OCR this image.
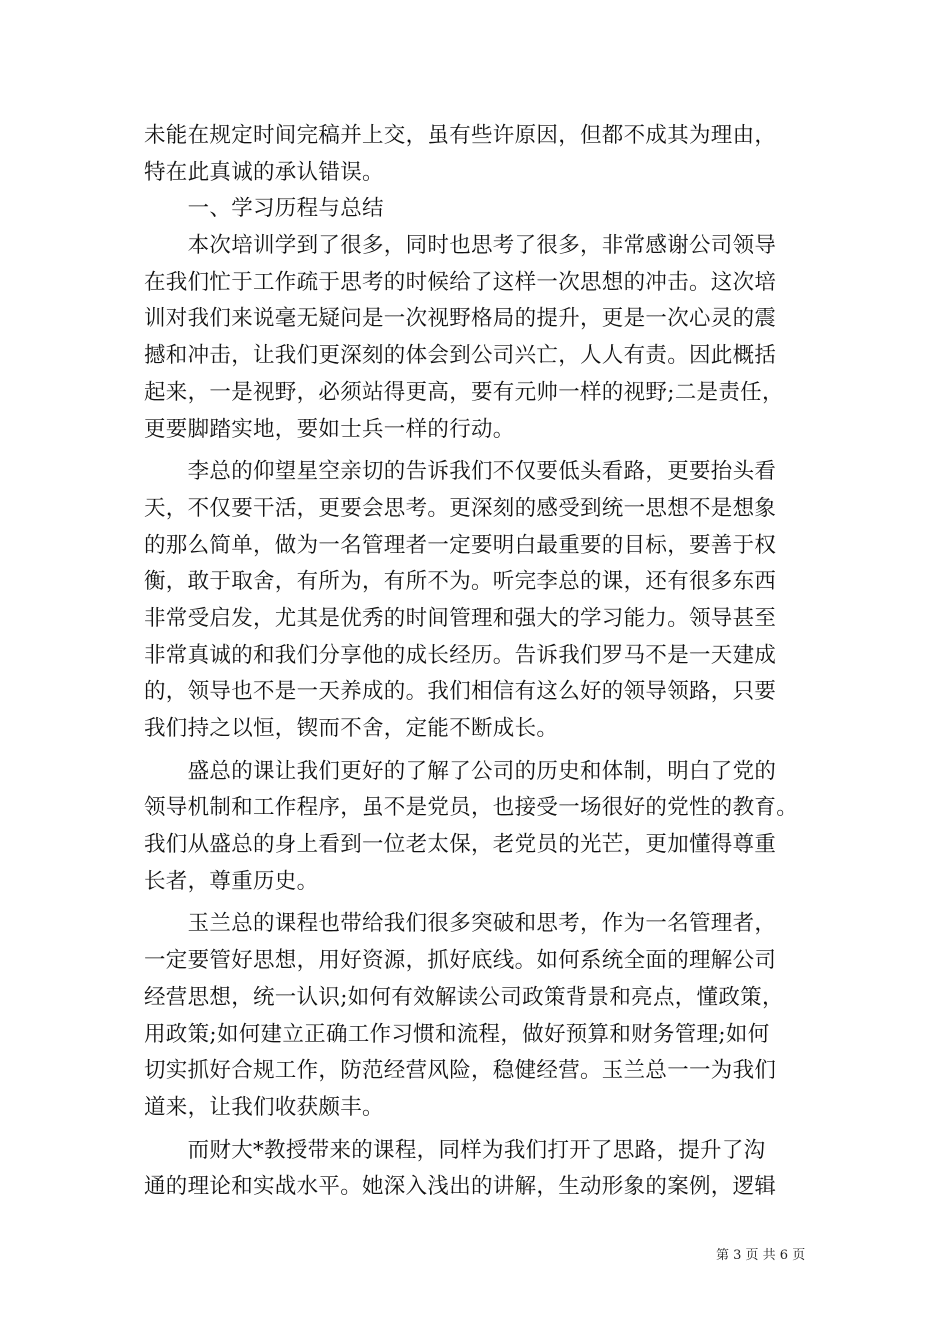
未能在规定时间完稿并上交，虽有些许原因，但都不成其为理由，
特在此真诚的承认错误。
　　一、学习历程与总结
　　本次培训学到了很多，同时也思考了很多，非常感谢公司领导
在我们忙于工作疏于思考的时候给了这样一次思想的冲击。这次培
训对我们来说毫无疑问是一次视野格局的提升，更是一次心灵的震
撼和冲击，让我们更深刻的体会到公司兴亡，人人有责。因此概括
起来，一是视野，必须站得更高，要有元帅一样的视野;二是责任，
更要脚踏实地，要如士兵一样的行动。
　　李总的仰望星空亲切的告诉我们不仅要低头看路，更要抬头看
天，不仅要干活，更要会思考。更深刻的感受到统一思想不是想象
的那么简单，做为一名管理者一定要明白最重要的目标，要善于权
衡，敢于取舍，有所为，有所不为。听完李总的课，还有很多东西
非常受启发，尤其是优秀的时间管理和强大的学习能力。领导甚至
非常真诚的和我们分享他的成长经历。告诉我们罗马不是一天建成
的，领导也不是一天养成的。我们相信有这么好的领导领路，只要
我们持之以恒，锲而不舍，定能不断成长。
　　盛总的课让我们更好的了解了公司的历史和体制，明白了党的
领导机制和工作程序，虽不是党员，也接受一场很好的党性的教育。
我们从盛总的身上看到一位老太保，老党员的光芒，更加懂得尊重
长者，尊重历史。
　　玉兰总的课程也带给我们很多突破和思考，作为一名管理者，
一定要管好思想，用好资源，抓好底线。如何系统全面的理解公司
经营思想，统一认识;如何有效解读公司政策背景和亮点，懂政策，
用政策;如何建立正确工作习惯和流程，做好预算和财务管理;如何
切实抓好合规工作，防范经营风险，稳健经营。玉兰总一一为我们
道来，让我们收获颇丰。
　　而财大*教授带来的课程，同样为我们打开了思路，提升了沟
通的理论和实战水平。她深入浅出的讲解，生动形象的案例，逻辑
第 3 页 共 6 页
